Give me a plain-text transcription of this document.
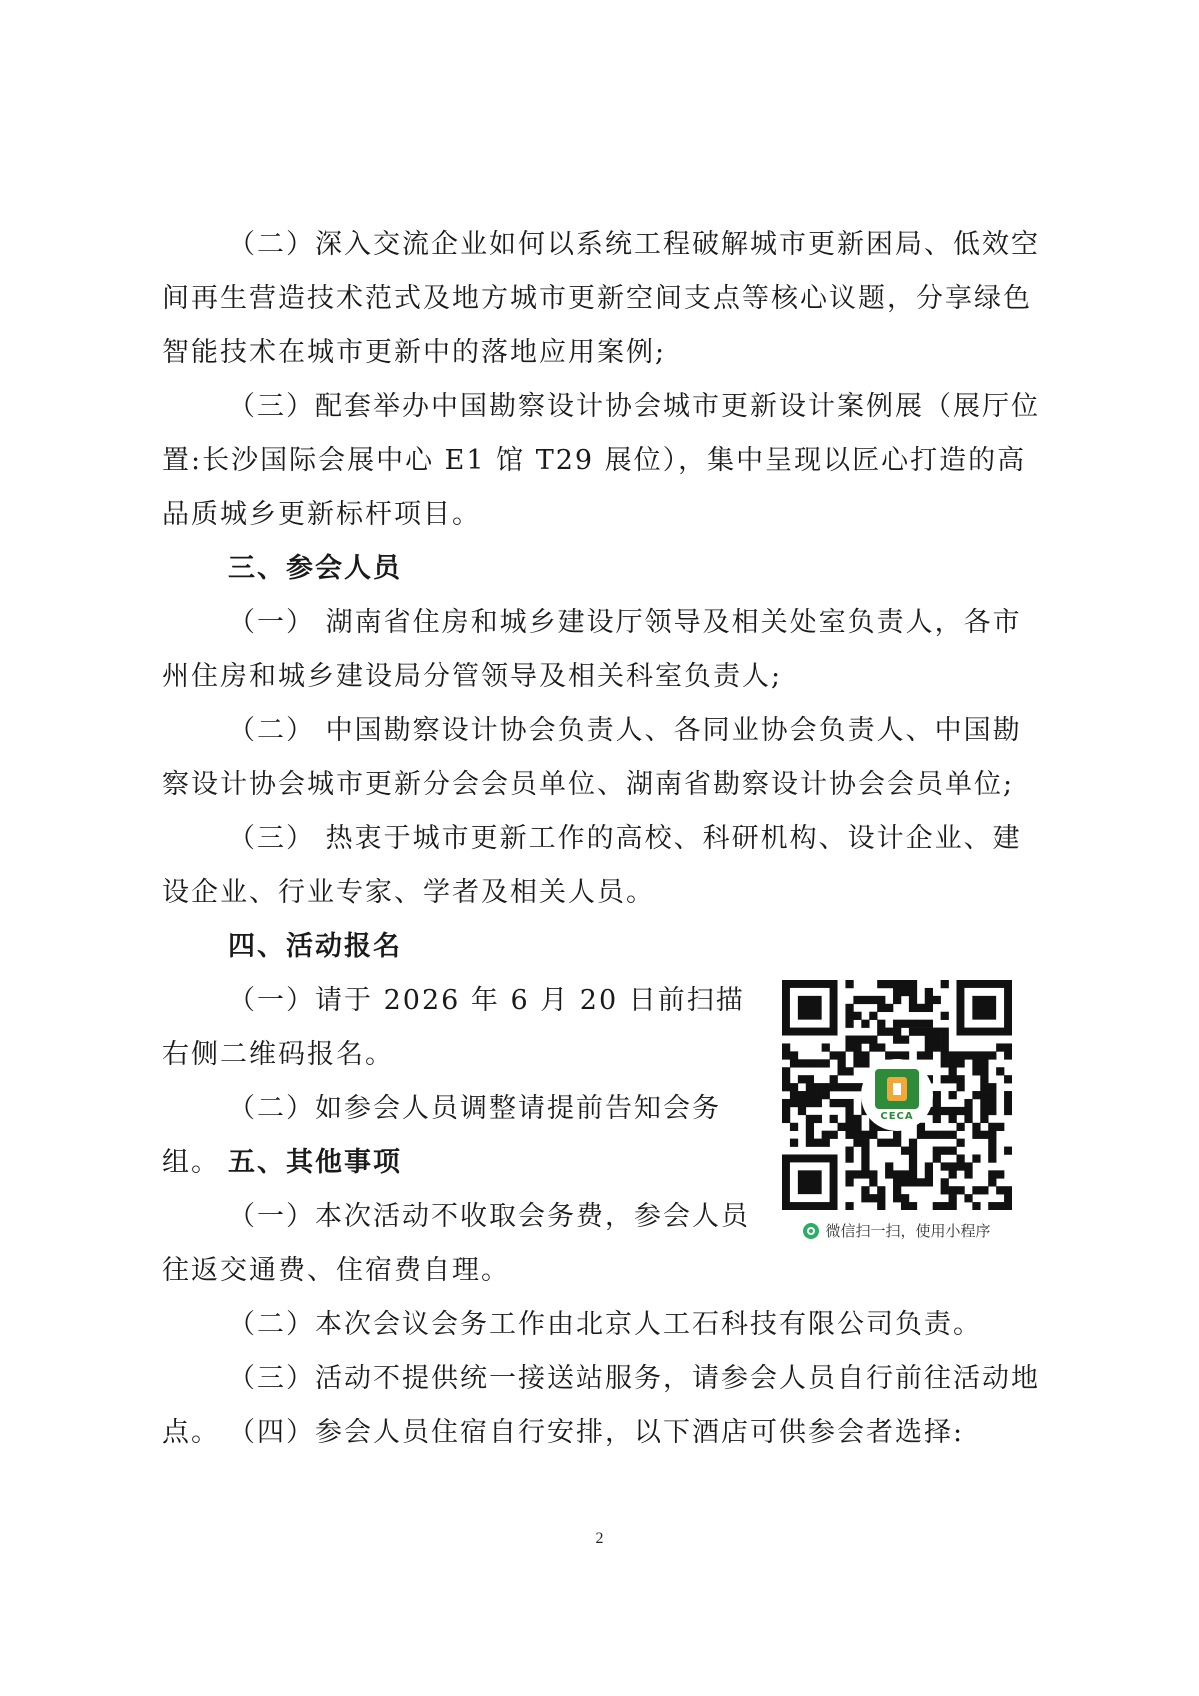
（二）深入交流企业如何以系统工程破解城市更新困局、低效空间再生营造技术范式及地方城市更新空间支点等核心议题，分享绿色智能技术在城市更新中的落地应用案例;

（三）配套举办中国勘察设计协会城市更新设计案例展（展厅位置:长沙国际会展中心 E1 馆 T29 展位），集中呈现以匠心打造的高品质城乡更新标杆项目。

三、参会人员

（一） 湖南省住房和城乡建设厅领导及相关处室负责人，各市州住房和城乡建设局分管领导及相关科室负责人;

（二） 中国勘察设计协会负责人、各同业协会负责人、中国勘察设计协会城市更新分会会员单位、湖南省勘察设计协会会员单位;

（三） 热衷于城市更新工作的高校、科研机构、设计企业、建设企业、行业专家、学者及相关人员。

四、活动报名

（一）请于 2026 年 6 月 20 日前扫描右侧二维码报名。

（二）如参会人员调整请提前告知会务组。 五、其他事项

（一）本次活动不收取会务费，参会人员往返交通费、住宿费自理。

（二）本次会议会务工作由北京人工石科技有限公司负责。

（三）活动不提供统一接送站服务，请参会人员自行前往活动地点。 （四）参会人员住宿自行安排，以下酒店可供参会者选择:

CECA
微信扫一扫，使用小程序
2
